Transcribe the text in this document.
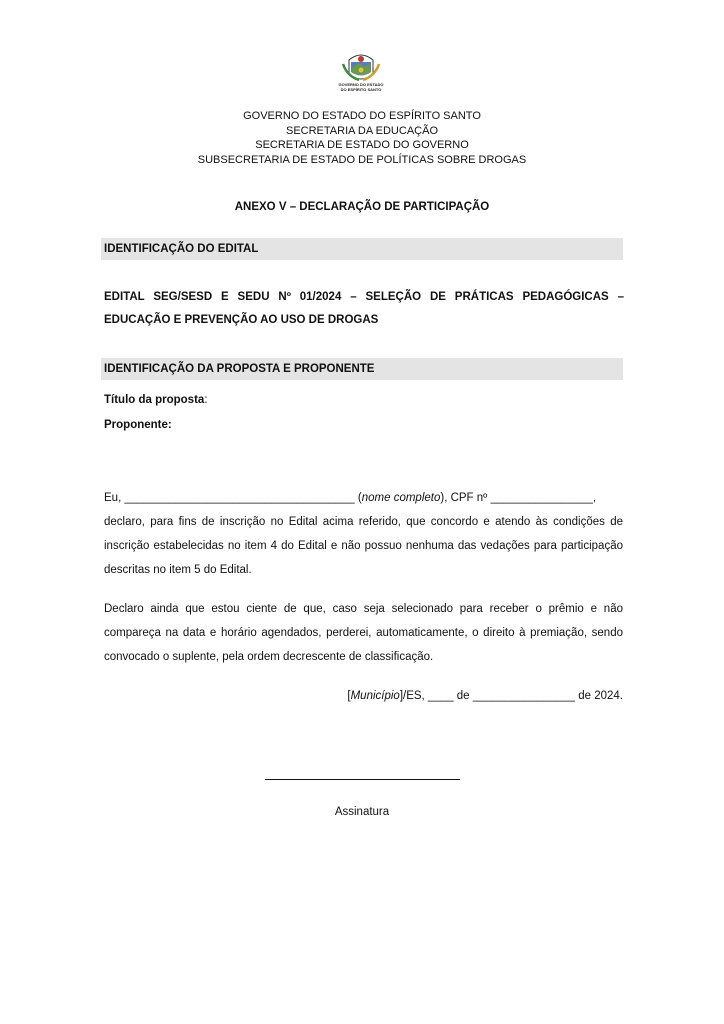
GOVERNO DO ESTADO
DO ESPÍRITO SANTO
GOVERNO DO ESTADO DO ESPÍRITO SANTO
SECRETARIA DA EDUCAÇÃO
SECRETARIA DE ESTADO DO GOVERNO
SUBSECRETARIA DE ESTADO DE POLÍTICAS SOBRE DROGAS
ANEXO V – DECLARAÇÃO DE PARTICIPAÇÃO
IDENTIFICAÇÃO DO EDITAL
EDITAL SEG/SESD E SEDU Nº 01/2024 – SELEÇÃO DE PRÁTICAS PEDAGÓGICAS – EDUCAÇÃO E PREVENÇÃO AO USO DE DROGAS
IDENTIFICAÇÃO DA PROPOSTA E PROPONENTE
Título da proposta:
Proponente:
Eu, ____________________________________ (nome completo), CPF nº ________________,
declaro, para fins de inscrição no Edital acima referido, que concordo e atendo às condições de inscrição estabelecidas no item 4 do Edital e não possuo nenhuma das vedações para participação descritas no item 5 do Edital.
Declaro ainda que estou ciente de que, caso seja selecionado para receber o prêmio e não compareça na data e horário agendados, perderei, automaticamente, o direito à premiação, sendo convocado o suplente, pela ordem decrescente de classificação.
[Município]/ES, ____ de ________________ de 2024.
Assinatura
